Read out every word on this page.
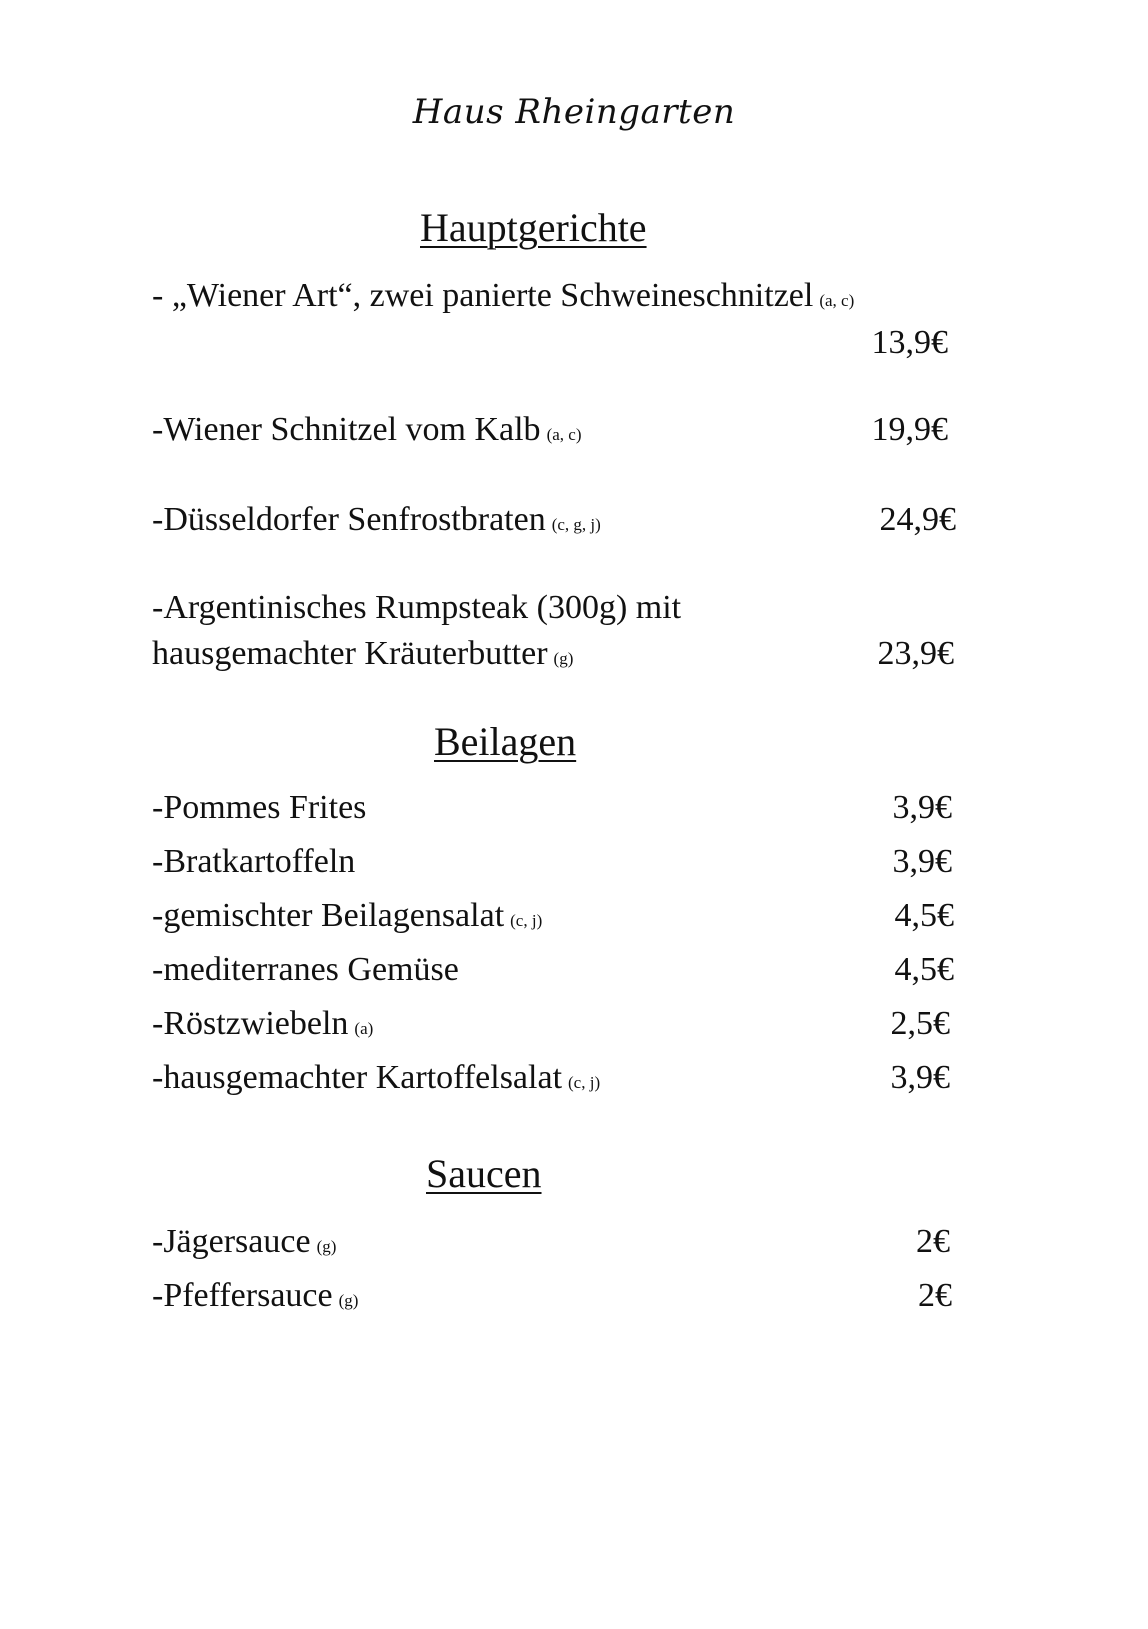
Haus Rheingarten
Hauptgerichte
- „Wiener Art“, zwei panierte Schweineschnitzel (a, c)
13,9€
-Wiener Schnitzel vom Kalb (a, c)	19,9€
-Düsseldorfer Senfrostbraten (c, g, j)	24,9€
-Argentinisches Rumpsteak (300g) mit
hausgemachter Kräuterbutter (g)	23,9€
Beilagen
-Pommes Frites	3,9€
-Bratkartoffeln	3,9€
-gemischter Beilagensalat (c, j)	4,5€
-mediterranes Gemüse	4,5€
-Röstzwiebeln (a)	2,5€
-hausgemachter Kartoffelsalat (c, j)	3,9€
Saucen
-Jägersauce (g)	2€
-Pfeffersauce (g)	2€
